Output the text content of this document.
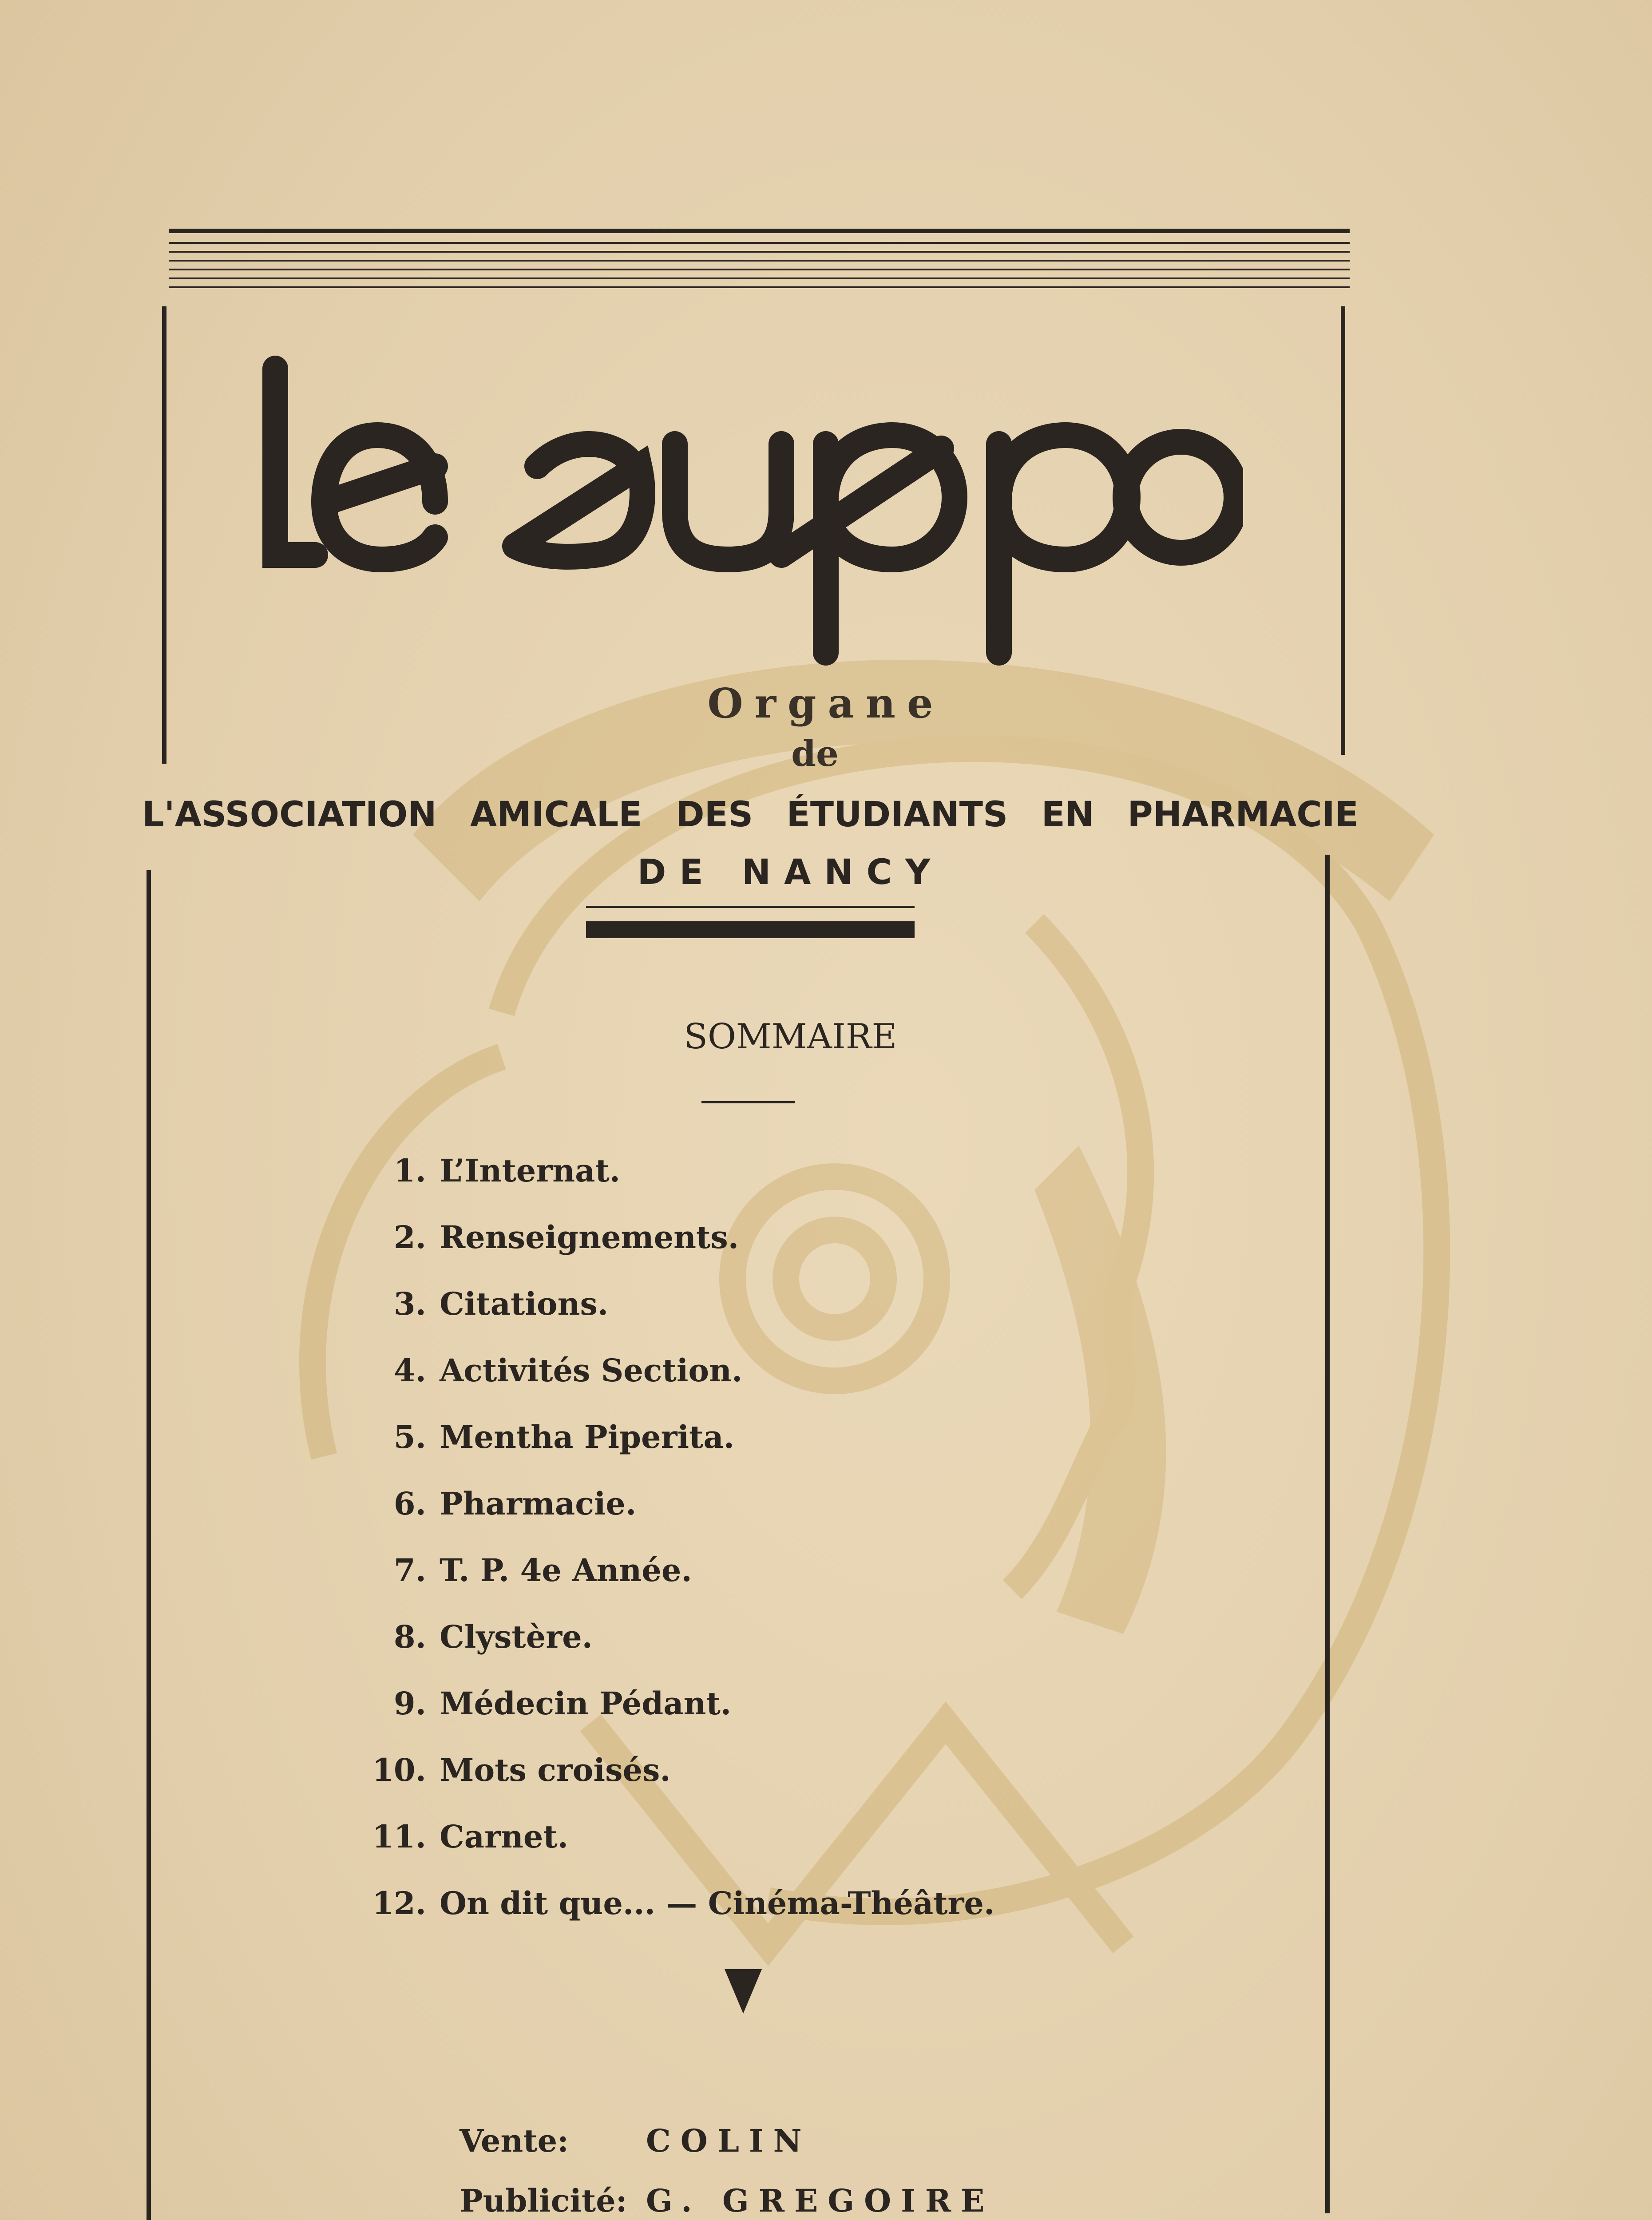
Organe
de
L'ASSOCIATION AMICALE DES ÉTUDIANTS EN PHARMACIE
DE NANCY
SOMMAIRE
1. L’Internat.
2. Renseignements.
3. Citations.
4. Activités Section.
5. Mentha Piperita.
6. Pharmacie.
7. T. P. 4e Année.
8. Clystère.
9. Médecin Pédant.
10. Mots croisés.
11. Carnet.
12. On dit que... — Cinéma-Théâtre.
Vente:	COLIN
Publicité: G. GREGOIRE
